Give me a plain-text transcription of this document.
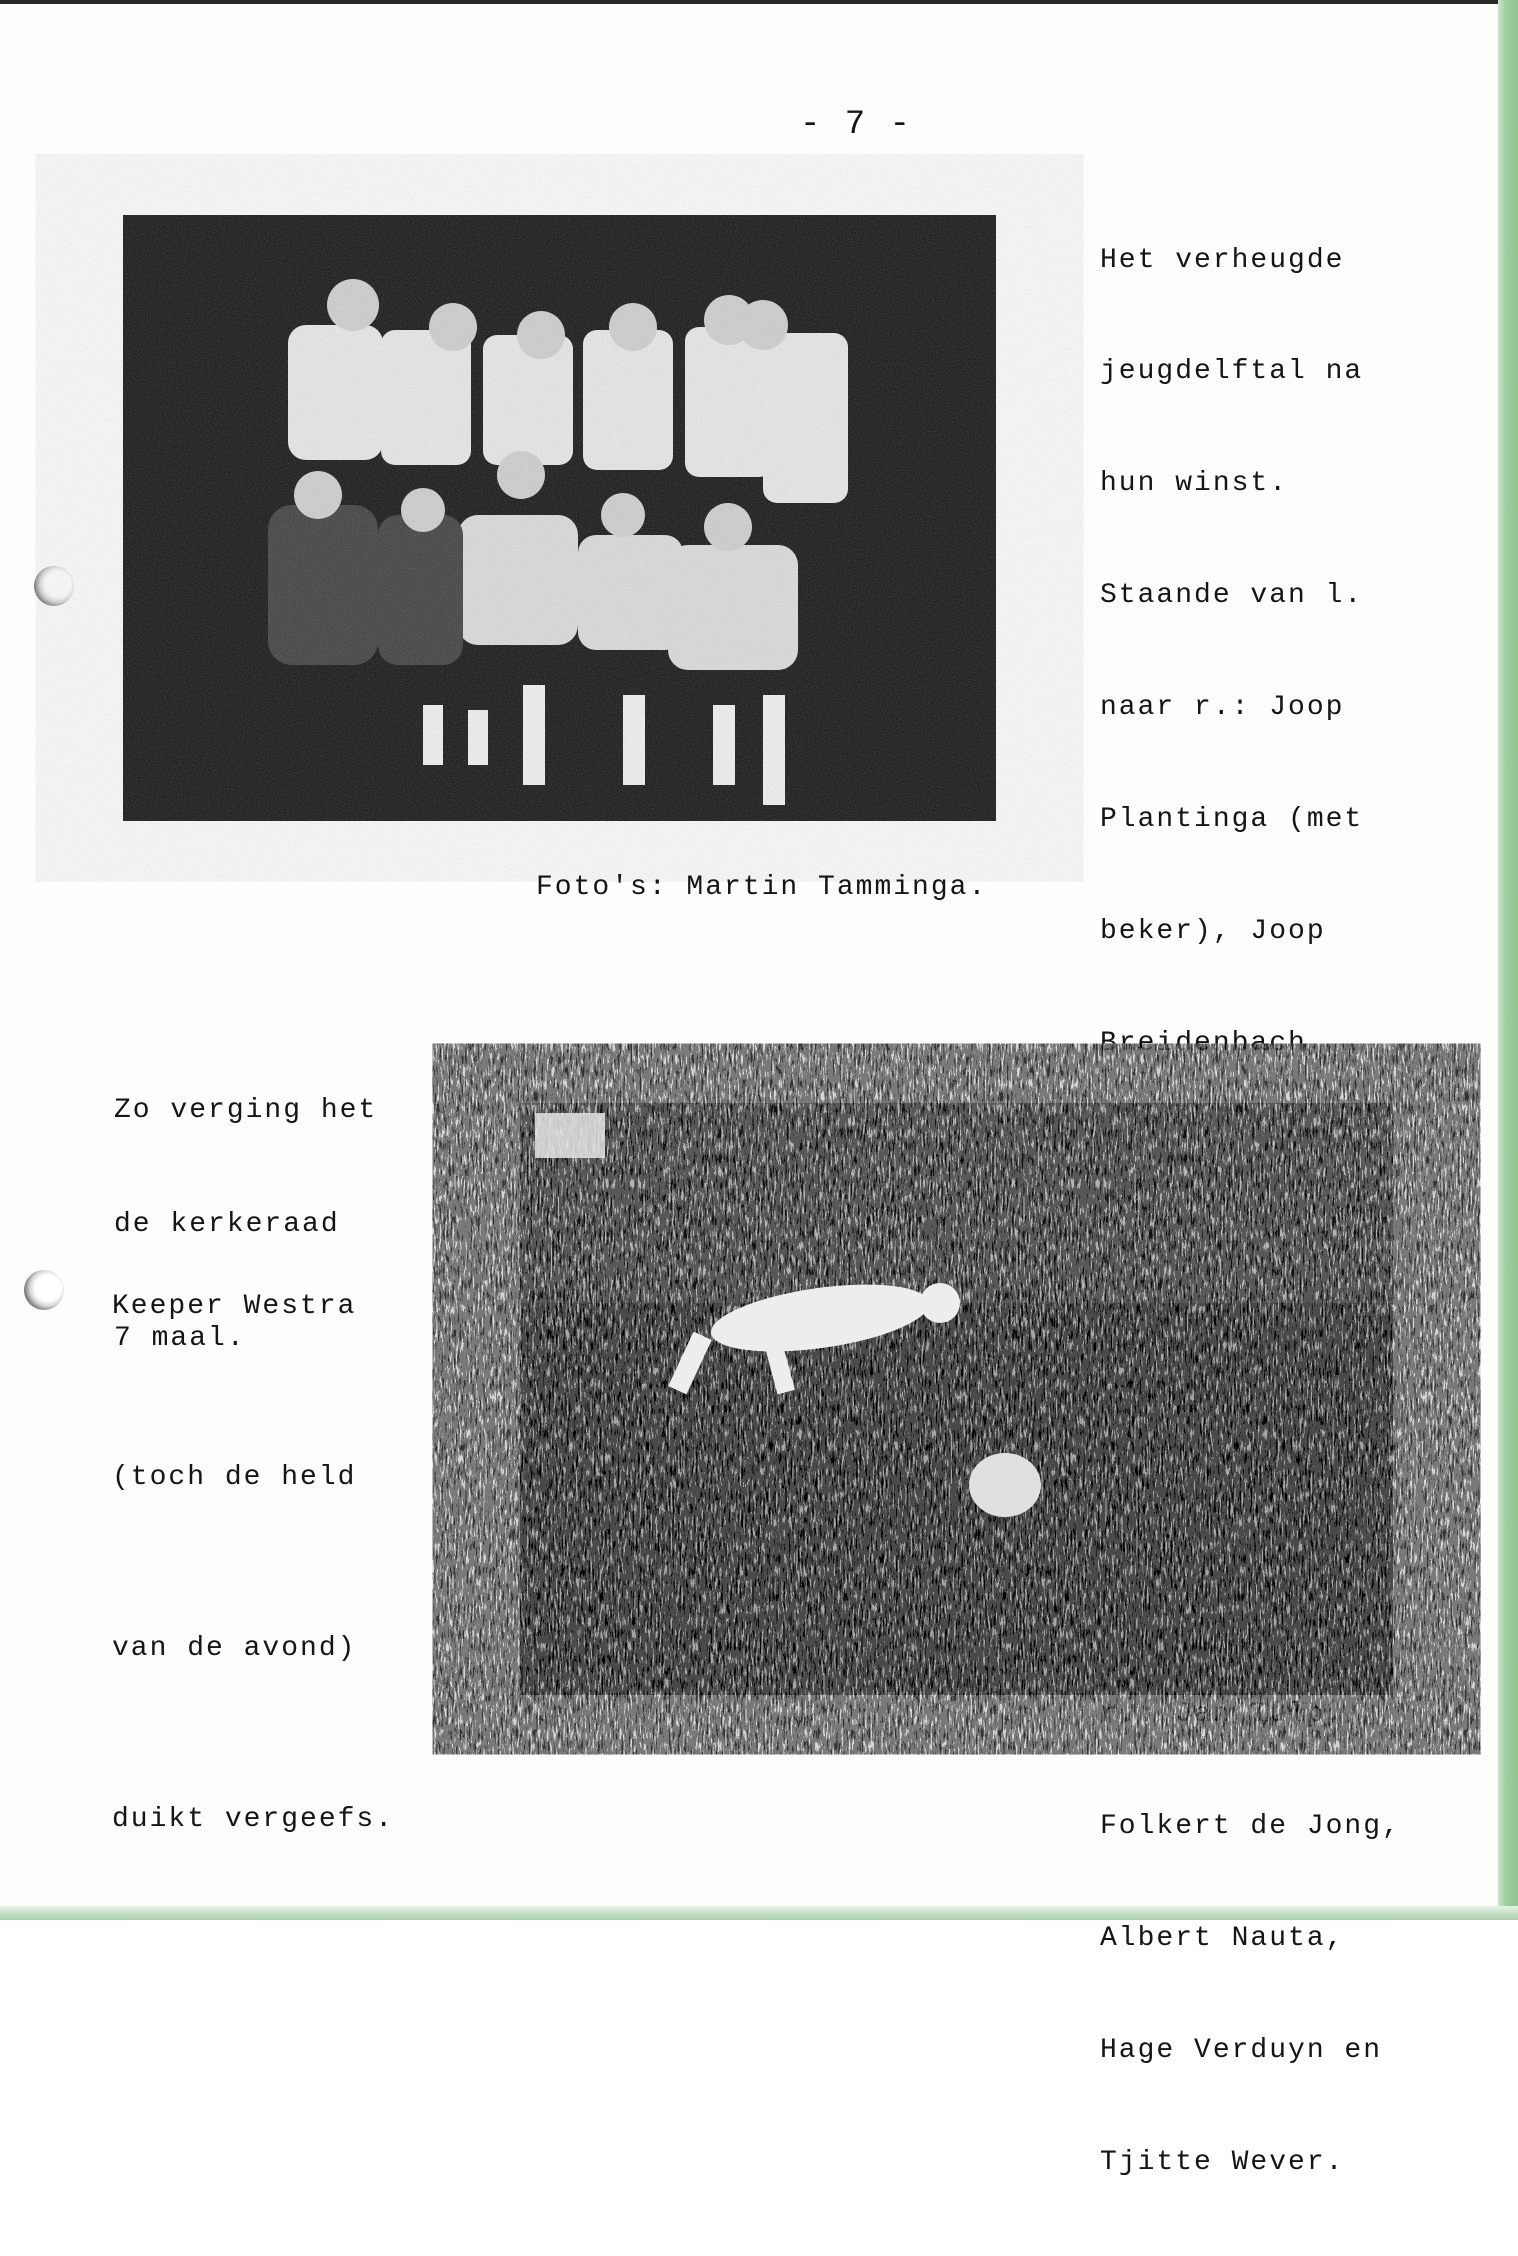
- 7 -

Het verheugde

jeugdelftal na

hun winst.

Staande van l.

naar r.: Joop

Plantinga (met

beker), Joop

Breidenbach,

r.: Jan Tulp,

Folkert de Jong,

Albert Nauta,

Hage Verduyn en

Tjitte Wever.

Foto's: Martin Tamminga.

Zo verging het

de kerkeraad

7 maal.

Keeper Westra

(toch de held

van de avond)

duikt vergeefs.
